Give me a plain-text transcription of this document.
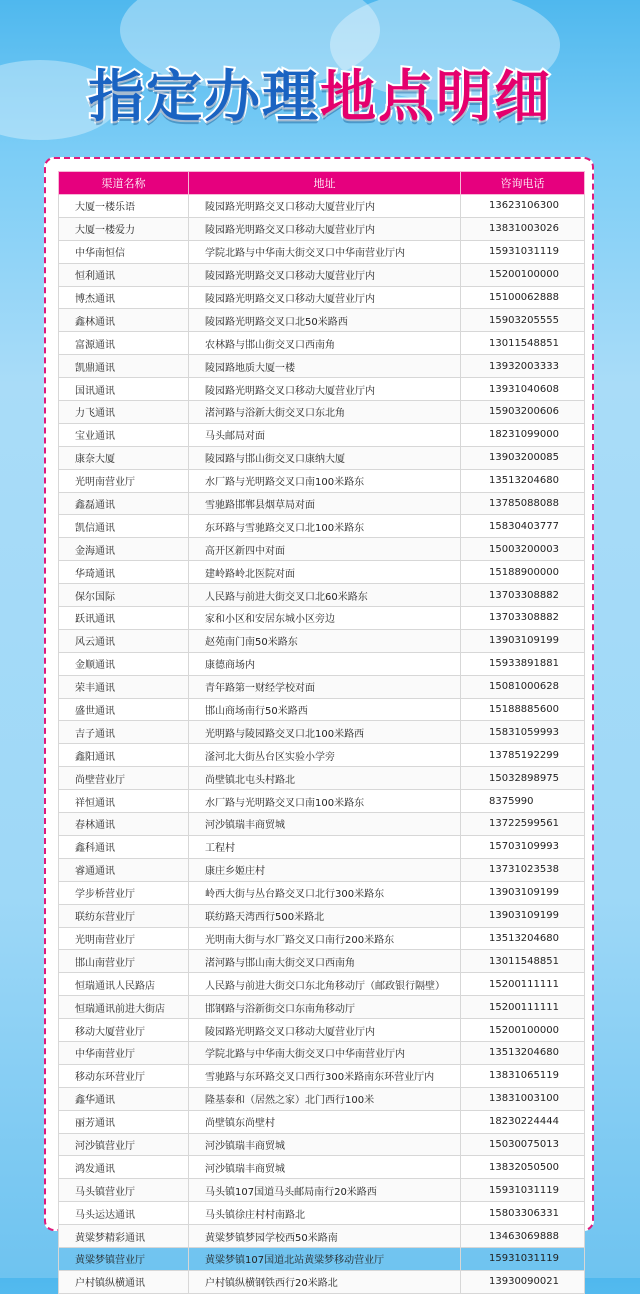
指定办理地点明细
渠道名称	地址	咨询电话
大厦一楼乐语	陵园路光明路交叉口移动大厦营业厅内	13623106300
大厦一楼爱力	陵园路光明路交叉口移动大厦营业厅内	13831003026
中华南恒信	学院北路与中华南大街交叉口中华南营业厅内	15931031119
恒利通讯	陵园路光明路交叉口移动大厦营业厅内	15200100000
博杰通讯	陵园路光明路交叉口移动大厦营业厅内	15100062888
鑫林通讯	陵园路光明路交叉口北50米路西	15903205555
富源通讯	农林路与邯山街交叉口西南角	13011548851
凯鼎通讯	陵园路地质大厦一楼	13932003333
国讯通讯	陵园路光明路交叉口移动大厦营业厅内	13931040608
力飞通讯	渚河路与浴新大街交叉口东北角	15903200606
宝业通讯	马头邮局对面	18231099000
康奈大厦	陵园路与邯山街交叉口康纳大厦	13903200085
光明南营业厅	水厂路与光明路交叉口南100米路东	13513204680
鑫磊通讯	雪驰路邯郸县烟草局对面	13785088088
凯信通讯	东环路与雪驰路交叉口北100米路东	15830403777
金海通讯	高开区新四中对面	15003200003
华琦通讯	建岭路岭北医院对面	15188900000
保尔国际	人民路与前进大街交叉口北60米路东	13703308882
跃讯通讯	家和小区和安居东城小区旁边	13703308882
风云通讯	赵苑南门南50米路东	13903109199
金顺通讯	康德商场内	15933891881
荣丰通讯	青年路第一财经学校对面	15081000628
盛世通讯	邯山商场南行50米路西	15188885600
吉子通讯	光明路与陵园路交叉口北100米路西	15831059993
鑫阳通讯	滏河北大街丛台区实验小学旁	13785192299
尚壁营业厅	尚壁镇北屯头村路北	15032898975
祥恒通讯	水厂路与光明路交叉口南100米路东	8375990
春林通讯	河沙镇瑞丰商贸城	13722599561
鑫科通讯	工程村	15703109993
睿通通讯	康庄乡姬庄村	13731023538
学步桥营业厅	岭西大街与丛台路交叉口北行300米路东	13903109199
联纺东营业厅	联纺路天湾西行500米路北	13903109199
光明南营业厅	光明南大街与水厂路交叉口南行200米路东	13513204680
邯山南营业厅	渚河路与邯山南大街交叉口西南角	13011548851
恒瑞通讯人民路店	人民路与前进大街交口东北角移动厅（邮政银行隔壁）	15200111111
恒瑞通讯前进大街店	邯钢路与浴新街交口东南角移动厅	15200111111
移动大厦营业厅	陵园路光明路交叉口移动大厦营业厅内	15200100000
中华南营业厅	学院北路与中华南大街交叉口中华南营业厅内	13513204680
移动东环营业厅	雪驰路与东环路交叉口西行300米路南东环营业厅内	13831065119
鑫华通讯	隆基泰和（居然之家）北门西行100米	13831003100
丽芳通讯	尚壁镇东尚壁村	18230224444
河沙镇营业厅	河沙镇瑞丰商贸城	15030075013
鸿发通讯	河沙镇瑞丰商贸城	13832050500
马头镇营业厅	马头镇107国道马头邮局南行20米路西	15931031119
马头运达通讯	马头镇徐庄村村南路北	15803306331
黄粱梦精彩通讯	黄粱梦镇梦园学校西50米路南	13463069888
黄粱梦镇营业厅	黄粱梦镇107国道北站黄粱梦移动营业厅	15931031119
户村镇纵横通讯	户村镇纵横钢铁西行20米路北	13930090021
